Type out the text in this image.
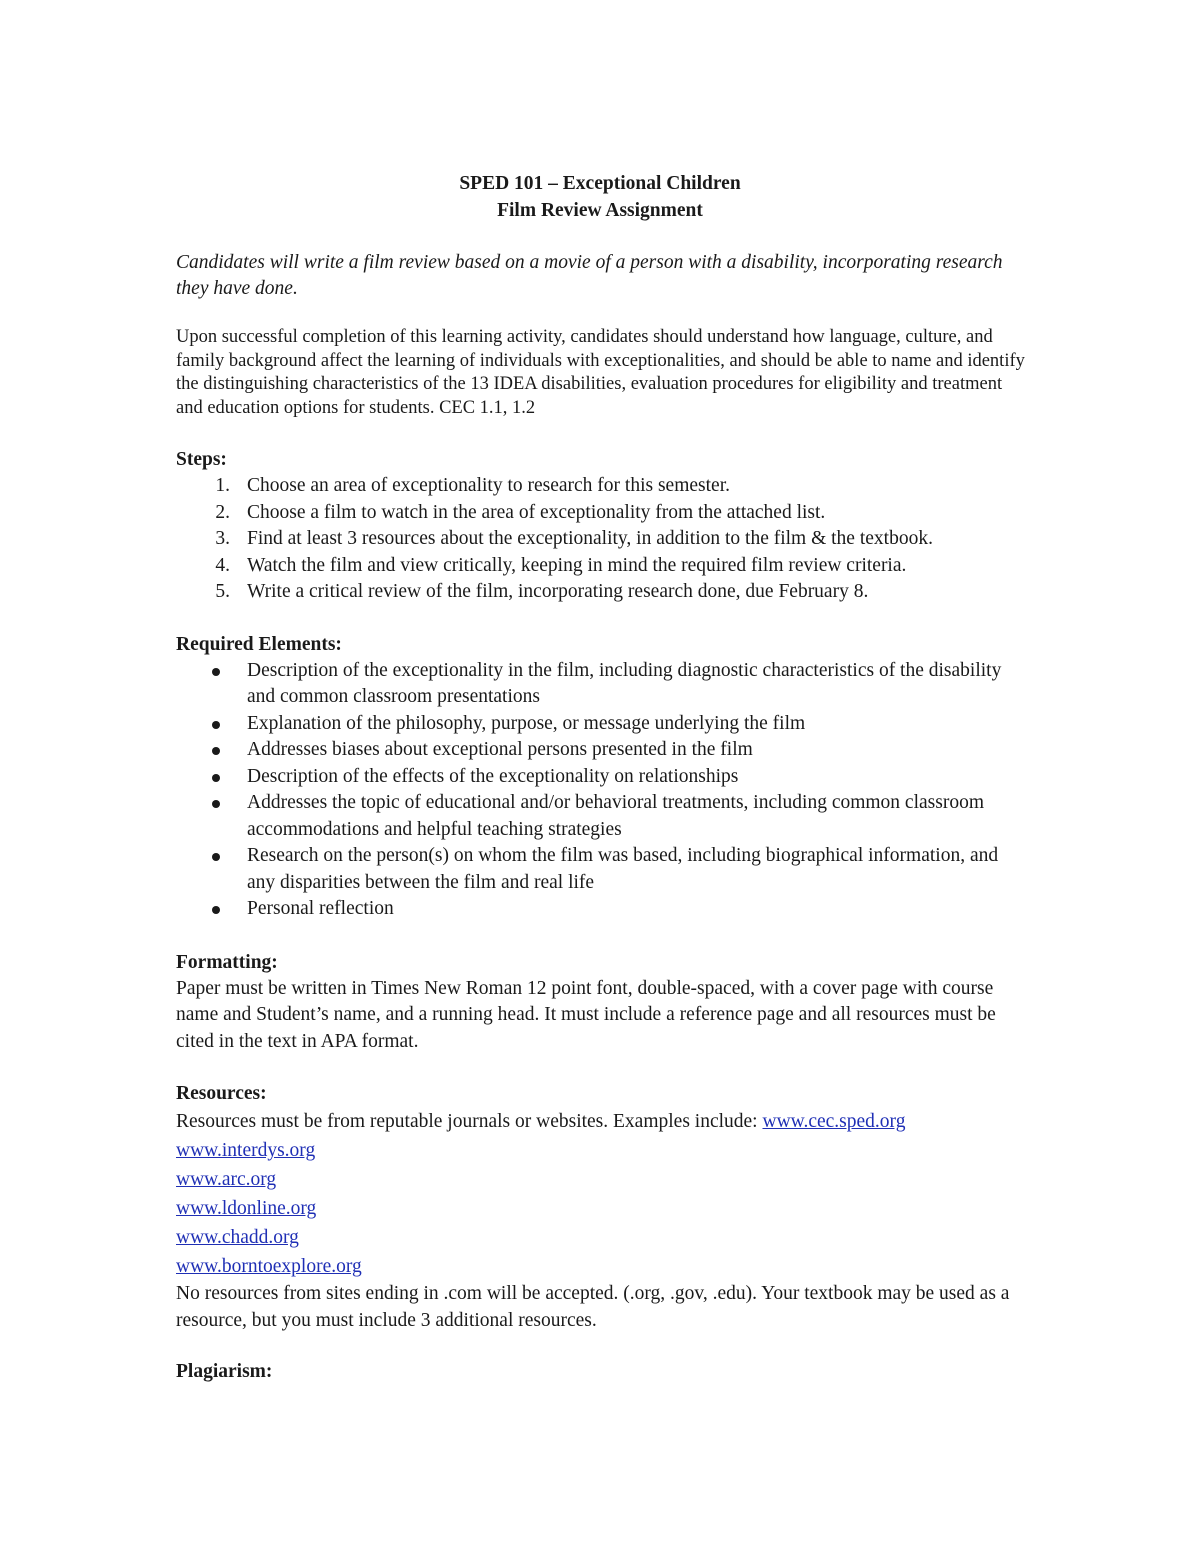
SPED 101 – Exceptional Children
Film Review Assignment

Candidates will write a film review based on a movie of a person with a disability, incorporating research they have done.

Upon successful completion of this learning activity, candidates should understand how language, culture, and family background affect the learning of individuals with exceptionalities, and should be able to name and identify the distinguishing characteristics of the 13 IDEA disabilities, evaluation procedures for eligibility and treatment and education options for students. CEC 1.1, 1.2

Steps:

1. Choose an area of exceptionality to research for this semester.
2. Choose a film to watch in the area of exceptionality from the attached list.
3. Find at least 3 resources about the exceptionality, in addition to the film & the textbook.
4. Watch the film and view critically, keeping in mind the required film review criteria.
5. Write a critical review of the film, incorporating research done, due February 8.

Required Elements:

Description of the exceptionality in the film, including diagnostic characteristics of the disability and common classroom presentations
Explanation of the philosophy, purpose, or message underlying the film
Addresses biases about exceptional persons presented in the film
Description of the effects of the exceptionality on relationships
Addresses the topic of educational and/or behavioral treatments, including common classroom accommodations and helpful teaching strategies
Research on the person(s) on whom the film was based, including biographical information, and any disparities between the film and real life
Personal reflection

Formatting:

Paper must be written in Times New Roman 12 point font, double-spaced, with a cover page with course name and Student’s name, and a running head. It must include a reference page and all resources must be cited in the text in APA format.

Resources:

Resources must be from reputable journals or websites. Examples include: www.cec.sped.org

www.interdys.org

www.arc.org

www.ldonline.org

www.chadd.org

www.borntoexplore.org

No resources from sites ending in .com will be accepted. (.org, .gov, .edu). Your textbook may be used as a resource, but you must include 3 additional resources.

Plagiarism:
